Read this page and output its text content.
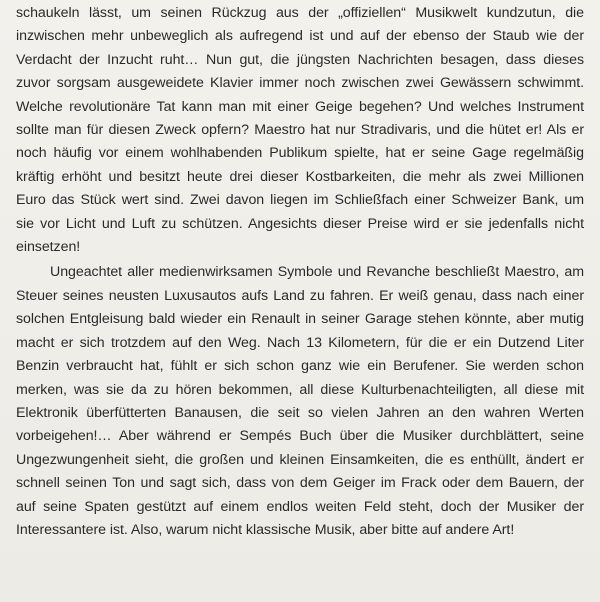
schaukeln lässt, um seinen Rückzug aus der „offiziellen“ Musikwelt kundzutun, die
inzwischen mehr unbeweglich als aufregend ist und auf der ebenso der Staub wie der
Verdacht der Inzucht ruht… Nun gut, die jüngsten Nachrichten besagen, dass dieses
zuvor sorgsam ausgeweidete Klavier immer noch zwischen zwei Gewässern schwimmt.
Welche revolutionäre Tat kann man mit einer Geige begehen? Und welches Instrument
sollte man für diesen Zweck opfern? Maestro hat nur Stradivaris, und die hütet er! Als er
noch häufig vor einem wohlhabenden Publikum spielte, hat er seine Gage regelmäßig
kräftig erhöht und besitzt heute drei dieser Kostbarkeiten, die mehr als zwei Millionen
Euro das Stück wert sind. Zwei davon liegen im Schließfach einer Schweizer Bank, um
sie vor Licht und Luft zu schützen. Angesichts dieser Preise wird er sie jedenfalls nicht
einsetzen!

Ungeachtet aller medienwirksamen Symbole und Revanche beschließt Maestro, am
Steuer seines neusten Luxusautos aufs Land zu fahren. Er weiß genau, dass nach einer
solchen Entgleisung bald wieder ein Renault in seiner Garage stehen könnte, aber mutig
macht er sich trotzdem auf den Weg. Nach 13 Kilometern, für die er ein Dutzend Liter
Benzin verbraucht hat, fühlt er sich schon ganz wie ein Berufener. Sie werden schon
merken, was sie da zu hören bekommen, all diese Kulturbenachteiligten, all diese mit
Elektronik überfütterten Banausen, die seit so vielen Jahren an den wahren Werten
vorbeigehen!… Aber während er Sempés Buch über die Musiker durchblättert, seine
Ungezwungenheit sieht, die großen und kleinen Einsamkeiten, die es enthüllt, ändert er
schnell seinen Ton und sagt sich, dass von dem Geiger im Frack oder dem Bauern, der
auf seine Spaten gestützt auf einem endlos weiten Feld steht, doch der Musiker der
Interessantere ist. Also, warum nicht klassische Musik, aber bitte auf andere Art!
